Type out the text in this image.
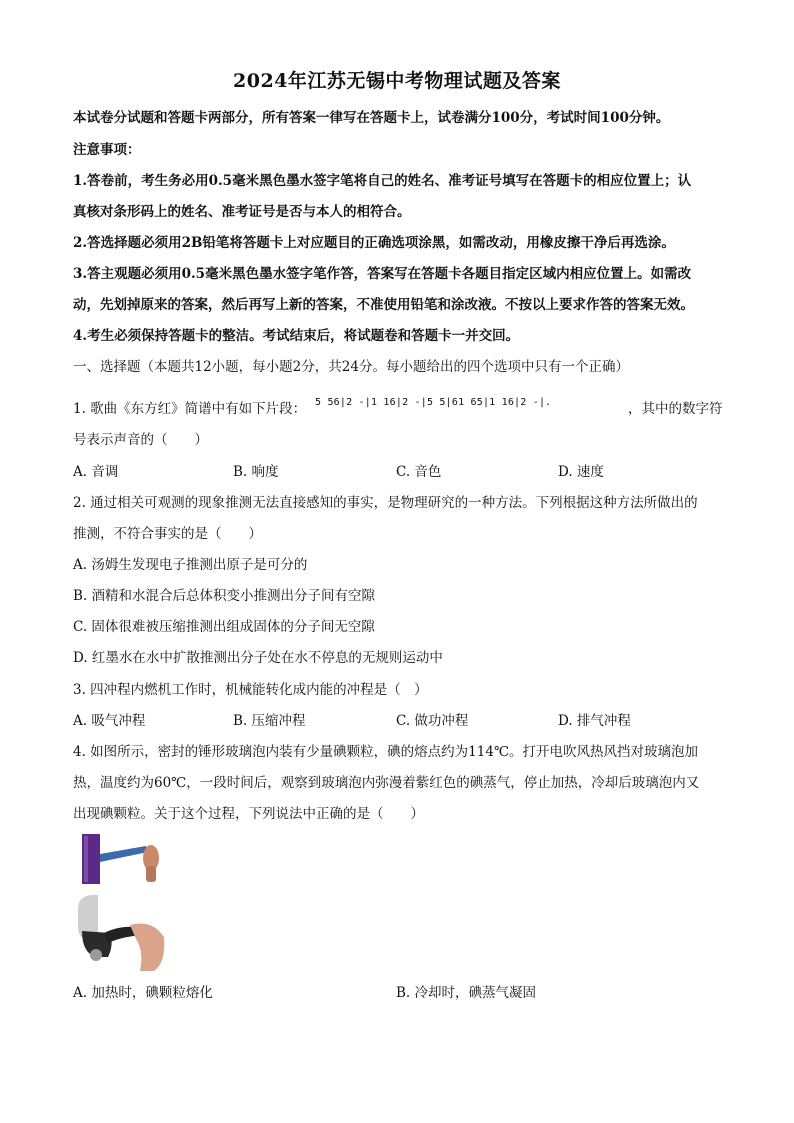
2024年江苏无锡中考物理试题及答案
本试卷分试题和答题卡两部分，所有答案一律写在答题卡上，试卷满分100分，考试时间100分钟。
注意事项：
1.答卷前，考生务必用0.5毫米黑色墨水签字笔将自己的姓名、准考证号填写在答题卡的相应位置上；认
真核对条形码上的姓名、准考证号是否与本人的相符合。
2.答选择题必须用2B铅笔将答题卡上对应题目的正确选项涂黑，如需改动，用橡皮擦干净后再选涂。
3.答主观题必须用0.5毫米黑色墨水签字笔作答，答案写在答题卡各题目指定区域内相应位置上。如需改
动，先划掉原来的答案，然后再写上新的答案，不准使用铅笔和涂改液。不按以上要求作答的答案无效。
4.考生必须保持答题卡的整洁。考试结束后，将试题卷和答题卡一并交回。
一、选择题（本题共12小题，每小题2分，共24分。每小题给出的四个选项中只有一个正确）
1. 歌曲《东方红》简谱中有如下片段： 5 56|2 -|1 16|2 -|5 5|61 65|1 16|2 -|.	，其中的数字符
号表示声音的（　　）
A. 音调	B. 响度	C. 音色	D. 速度
2. 通过相关可观测的现象推测无法直接感知的事实，是物理研究的一种方法。下列根据这种方法所做出的
推测，不符合事实的是（　　）
A. 汤姆生发现电子推测出原子是可分的
B. 酒精和水混合后总体积变小推测出分子间有空隙
C. 固体很难被压缩推测出组成固体的分子间无空隙
D. 红墨水在水中扩散推测出分子处在水不停息的无规则运动中
3. 四冲程内燃机工作时，机械能转化成内能的冲程是（　）
A. 吸气冲程	B. 压缩冲程	C. 做功冲程	D. 排气冲程
4. 如图所示，密封的锤形玻璃泡内装有少量碘颗粒，碘的熔点约为114℃。打开电吹风热风挡对玻璃泡加
热，温度约为60℃，一段时间后，观察到玻璃泡内弥漫着紫红色的碘蒸气，停止加热，冷却后玻璃泡内又
出现碘颗粒。关于这个过程，下列说法中正确的是（　　）
A. 加热时，碘颗粒熔化	B. 冷却时，碘蒸气凝固
